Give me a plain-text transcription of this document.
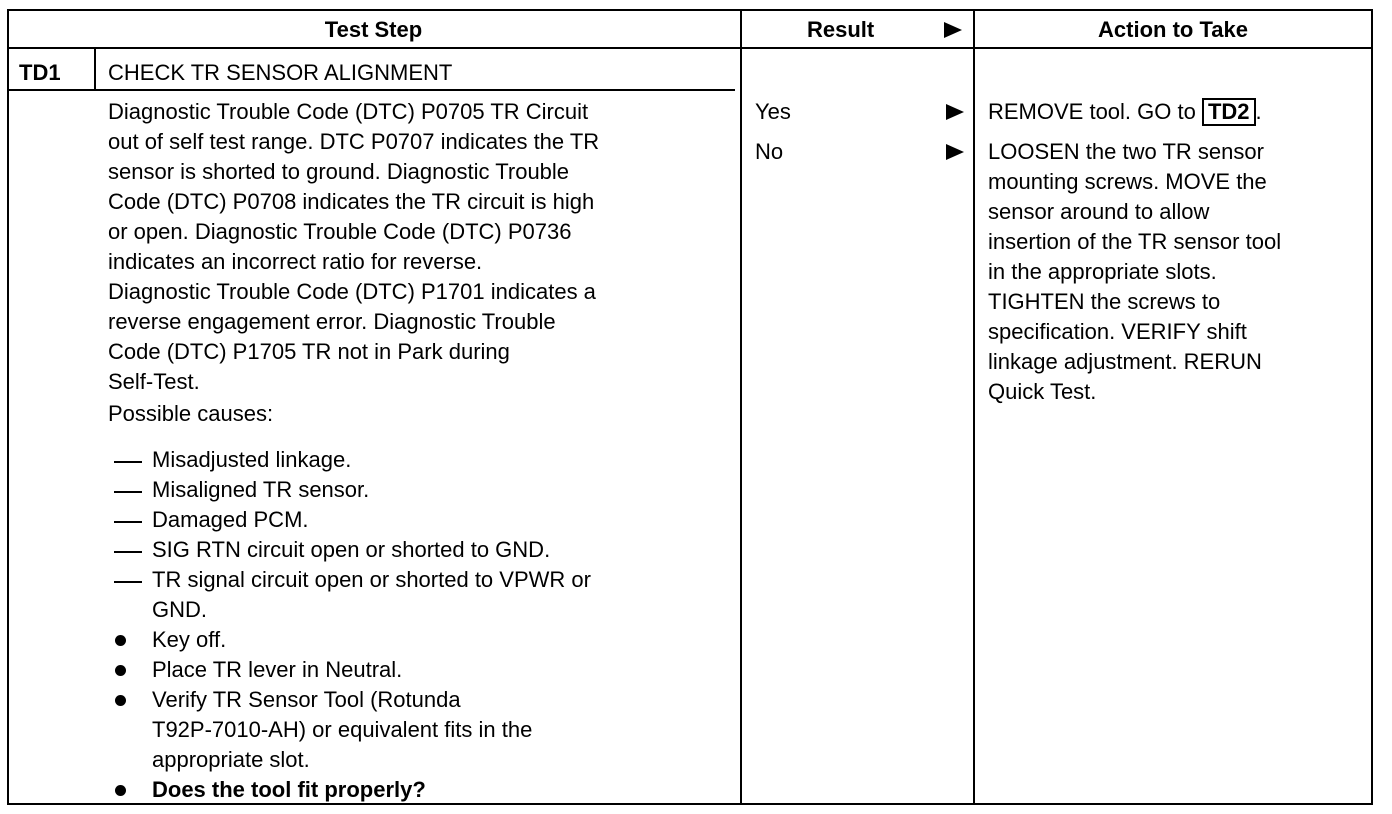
Test Step	Result	Action to Take
TD1 CHECK TR SENSOR ALIGNMENT
Diagnostic Trouble Code (DTC) P0705 TR Circuit
out of self test range. DTC P0707 indicates the TR
sensor is shorted to ground. Diagnostic Trouble
Code (DTC) P0708 indicates the TR circuit is high
or open. Diagnostic Trouble Code (DTC) P0736
indicates an incorrect ratio for reverse.
Diagnostic Trouble Code (DTC) P1701 indicates a
reverse engagement error. Diagnostic Trouble
Code (DTC) P1705 TR not in Park during
Self-Test.
Possible causes:
Misadjusted linkage.
Misaligned TR sensor.
Damaged PCM.
SIG RTN circuit open or shorted to GND.
TR signal circuit open or shorted to VPWR or
GND.
Key off.
Place TR lever in Neutral.
Verify TR Sensor Tool (Rotunda
T92P-7010-AH) or equivalent fits in the
appropriate slot.
Does the tool fit properly?
Yes
No
REMOVE tool. GO to TD2 .
LOOSEN the two TR sensor
mounting screws. MOVE the
sensor around to allow
insertion of the TR sensor tool
in the appropriate slots.
TIGHTEN the screws to
specification. VERIFY shift
linkage adjustment. RERUN
Quick Test.
